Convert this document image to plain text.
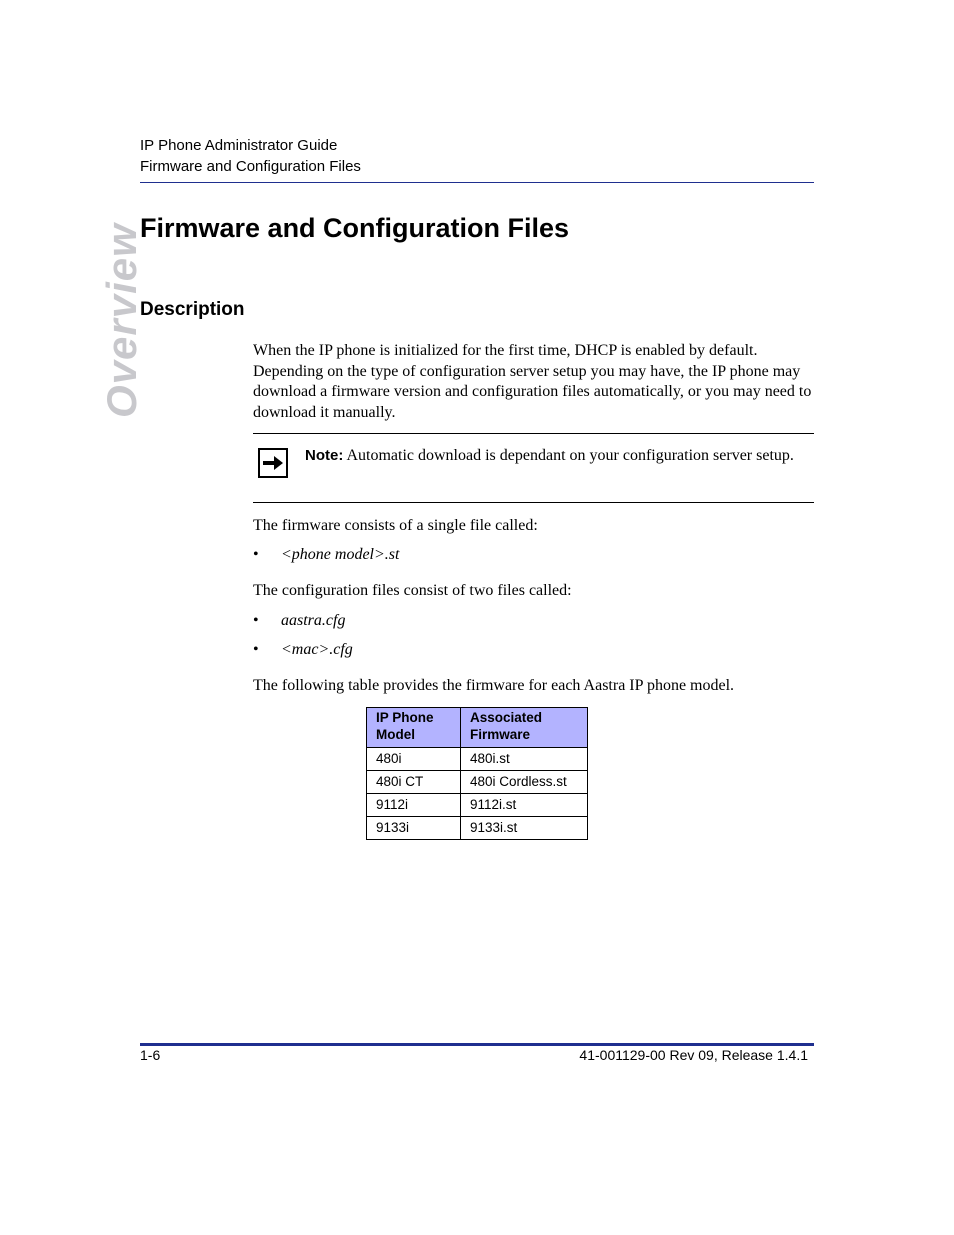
IP Phone Administrator Guide
Firmware and Configuration Files
Overview
Firmware and Configuration Files
Description

When the IP phone is initialized for the first time, DHCP is enabled by default. Depending on the type of configuration server setup you may have, the IP phone may download a firmware version and configuration files automatically, or you may need to download it manually.

Note: Automatic download is dependant on your configuration server setup.

The firmware consists of a single file called:

• <phone model>.st

The configuration files consist of two files called:

• aastra.cfg
• <mac>.cfg

The following table provides the firmware for each Aastra IP phone model.

IP Phone Model	Associated Firmware
480i	480i.st
480i CT	480i Cordless.st
9112i	9112i.st
9133i	9133i.st
1-6	41-001129-00 Rev 09, Release 1.4.1
